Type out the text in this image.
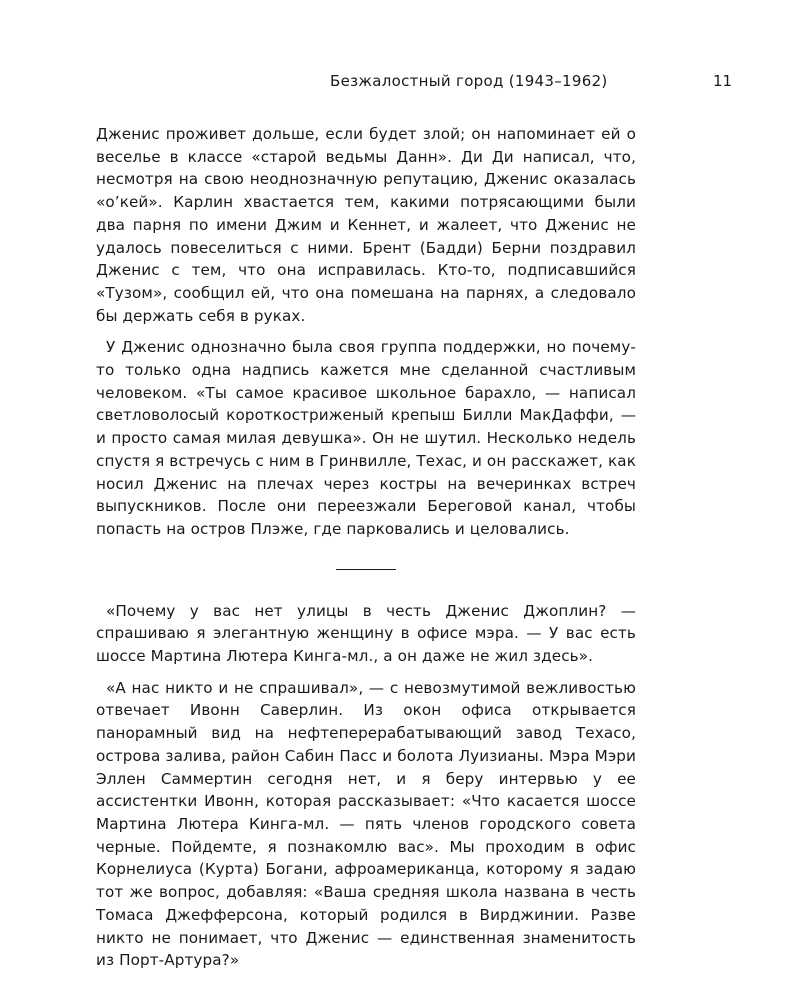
Безжалостный город (1943–1962)	11

Дженис проживет дольше, если будет злой; он напоминает ей о веселье в классе «старой ведьмы Данн». Ди Ди написал, что, несмотря на свою неоднозначную репутацию, Дженис оказалась «о’кей». Карлин хвастается тем, какими потрясающими были два парня по имени Джим и Кеннет, и жалеет, что Дженис не удалось повеселиться с ними. Брент (Бадди) Берни поздравил Дженис с тем, что она исправилась. Кто-то, подписавшийся «Тузом», сообщил ей, что она помешана на парнях, а следовало бы держать себя в руках.

У Дженис однозначно была своя группа поддержки, но почему-то только одна надпись кажется мне сделанной счастливым человеком. «Ты самое красивое школьное барахло, — написал светловолосый короткостриженый крепыш Билли МакДаффи, — и просто самая милая девушка». Он не шутил. Несколько недель спустя я встречусь с ним в Гринвилле, Техас, и он расскажет, как носил Дженис на плечах через костры на вечеринках встреч выпускников. После они переезжали Береговой канал, чтобы попасть на остров Плэже, где парковались и целовались.

«Почему у вас нет улицы в честь Дженис Джоплин? — спрашиваю я элегантную женщину в офисе мэра. — У вас есть шоссе Мартина Лютера Кинга-мл., а он даже не жил здесь».

«А нас никто и не спрашивал», — с невозмутимой вежливостью отвечает Ивонн Саверлин. Из окон офиса открывается панорамный вид на нефтеперерабатывающий завод Техасо, острова залива, район Сабин Пасс и болота Луизианы. Мэра Мэри Эллен Саммертин сегодня нет, и я беру интервью у ее ассистентки Ивонн, которая рассказывает: «Что касается шоссе Мартина Лютера Кинга-мл. — пять членов городского совета черные. Пойдемте, я познакомлю вас». Мы проходим в офис Корнелиуса (Курта) Богани, афроамериканца, которому я задаю тот же вопрос, добавляя: «Ваша средняя школа названа в честь Томаса Джефферсона, который родился в Вирджинии. Разве никто не понимает, что Дженис — единственная знаменитость из Порт-Артура?»
